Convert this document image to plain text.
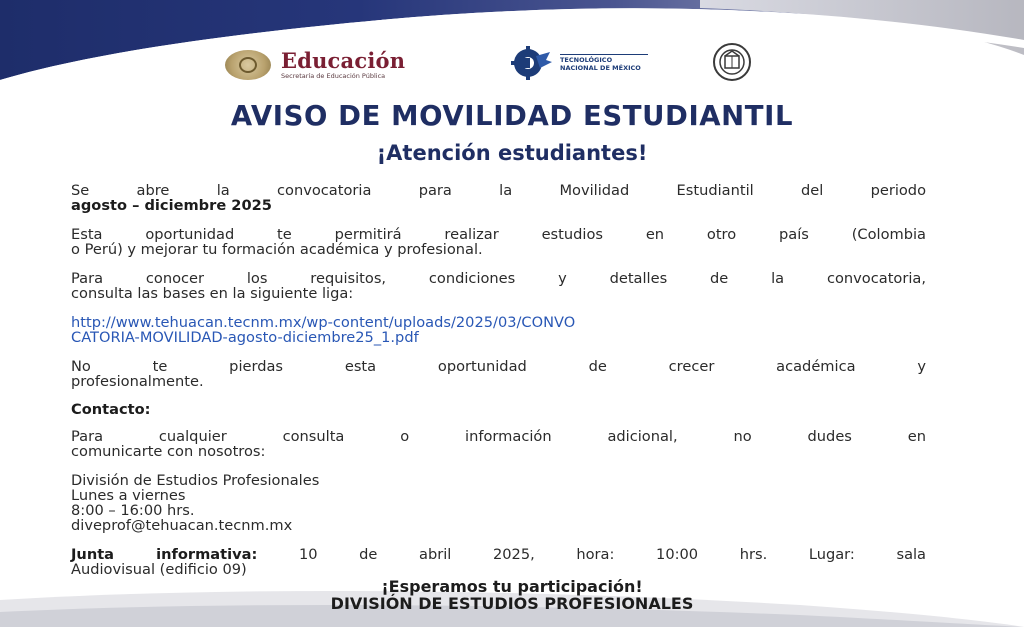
Educación
Secretaría de Educación Pública
TECNOLÓGICO
NACIONAL DE MÉXICO
AVISO DE MOVILIDAD ESTUDIANTIL
¡Atención estudiantes!

Se abre la convocatoria para la Movilidad Estudiantil del periodo

agosto – diciembre 2025

Esta oportunidad te permitirá realizar estudios en otro país (Colombia

o Perú) y mejorar tu formación académica y profesional.

Para conocer los requisitos, condiciones y detalles de la convocatoria,

consulta las bases en la siguiente liga:

http://www.tehuacan.tecnm.mx/wp-content/uploads/2025/03/CONVO

CATORIA-MOVILIDAD-agosto-diciembre25_1.pdf

No te pierdas esta oportunidad de crecer académica y

profesionalmente.

Contacto:

Para cualquier consulta o información adicional, no dudes en

comunicarte con nosotros:

División de Estudios Profesionales

Lunes a viernes

8:00 – 16:00 hrs.

diveprof@tehuacan.tecnm.mx

Junta informativa: 10 de abril 2025, hora: 10:00 hrs. Lugar: sala

Audiovisual (edificio 09)

¡Esperamos tu participación!
DIVISIÓN DE ESTUDIOS PROFESIONALES
